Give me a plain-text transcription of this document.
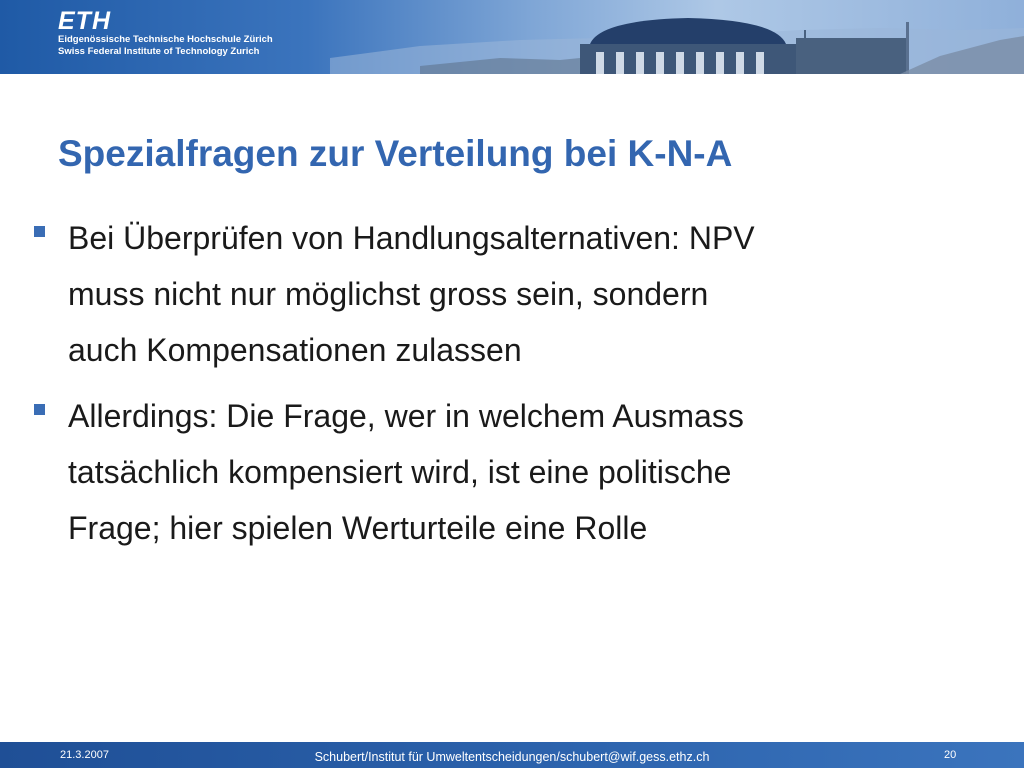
ETH
Eidgenössische Technische Hochschule Zürich
Swiss Federal Institute of Technology Zurich
Spezialfragen zur Verteilung bei K-N-A
Bei Überprüfen von Handlungsalternativen: NPV
muss nicht nur möglichst gross sein, sondern
auch Kompensationen zulassen
Allerdings: Die Frage, wer in welchem Ausmass
tatsächlich kompensiert wird, ist eine politische
Frage; hier spielen Werturteile eine Rolle
21.3.2007	Schubert/Institut für Umweltentscheidungen/schubert@wif.gess.ethz.ch	20
